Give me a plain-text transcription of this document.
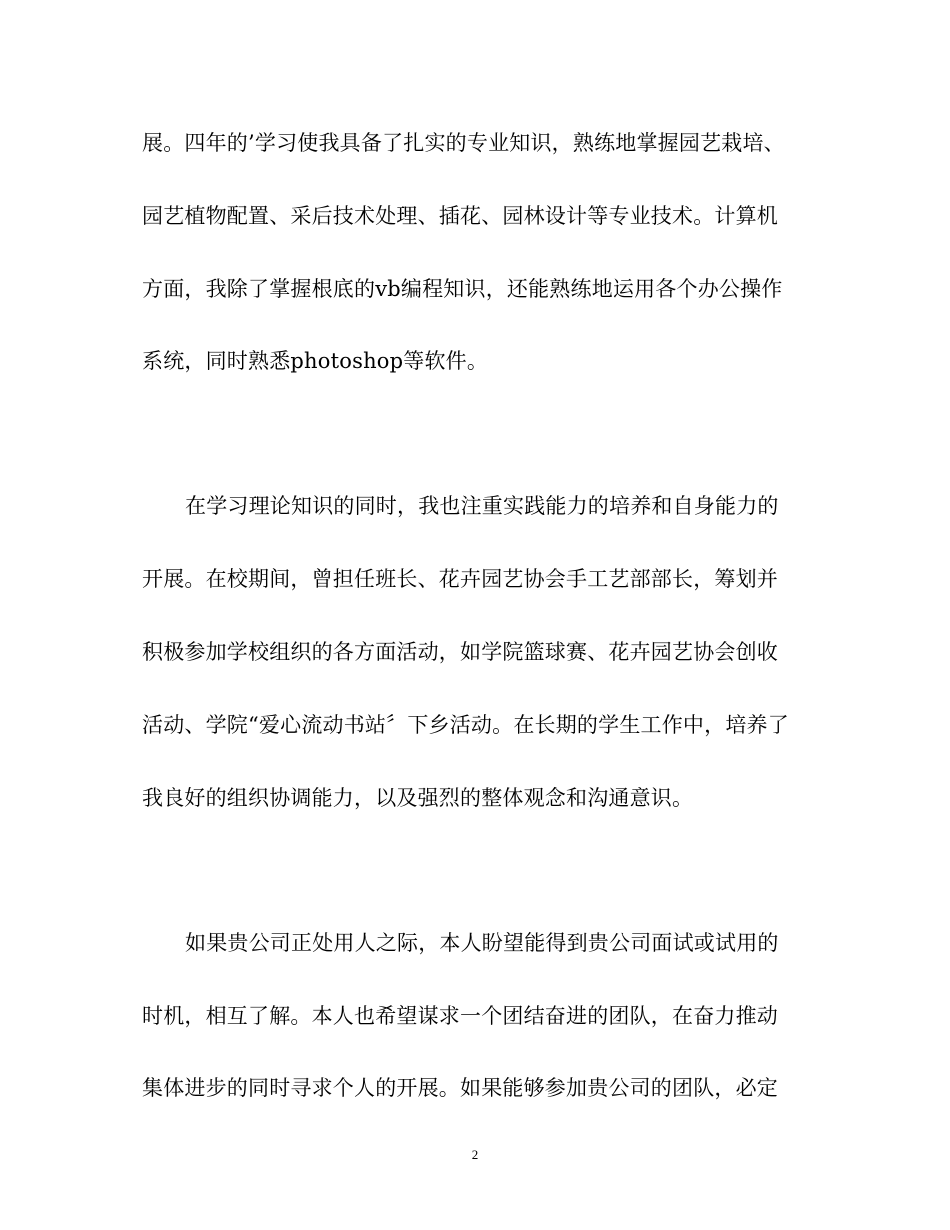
展。四年的’学习使我具备了扎实的专业知识，熟练地掌握园艺栽培、
园艺植物配置、采后技术处理、插花、园林设计等专业技术。计算机
方面，我除了掌握根底的vb编程知识，还能熟练地运用各个办公操作
系统，同时熟悉photoshop等软件。
在学习理论知识的同时，我也注重实践能力的培养和自身能力的
开展。在校期间，曾担任班长、花卉园艺协会手工艺部部长，筹划并
积极参加学校组织的各方面活动，如学院篮球赛、花卉园艺协会创收
活动、学院“爱心流动书站〞下乡活动。在长期的学生工作中，培养了
我良好的组织协调能力，以及强烈的整体观念和沟通意识。
如果贵公司正处用人之际，本人盼望能得到贵公司面试或试用的
时机，相互了解。本人也希望谋求一个团结奋进的团队，在奋力推动
集体进步的同时寻求个人的开展。如果能够参加贵公司的团队，必定
2
